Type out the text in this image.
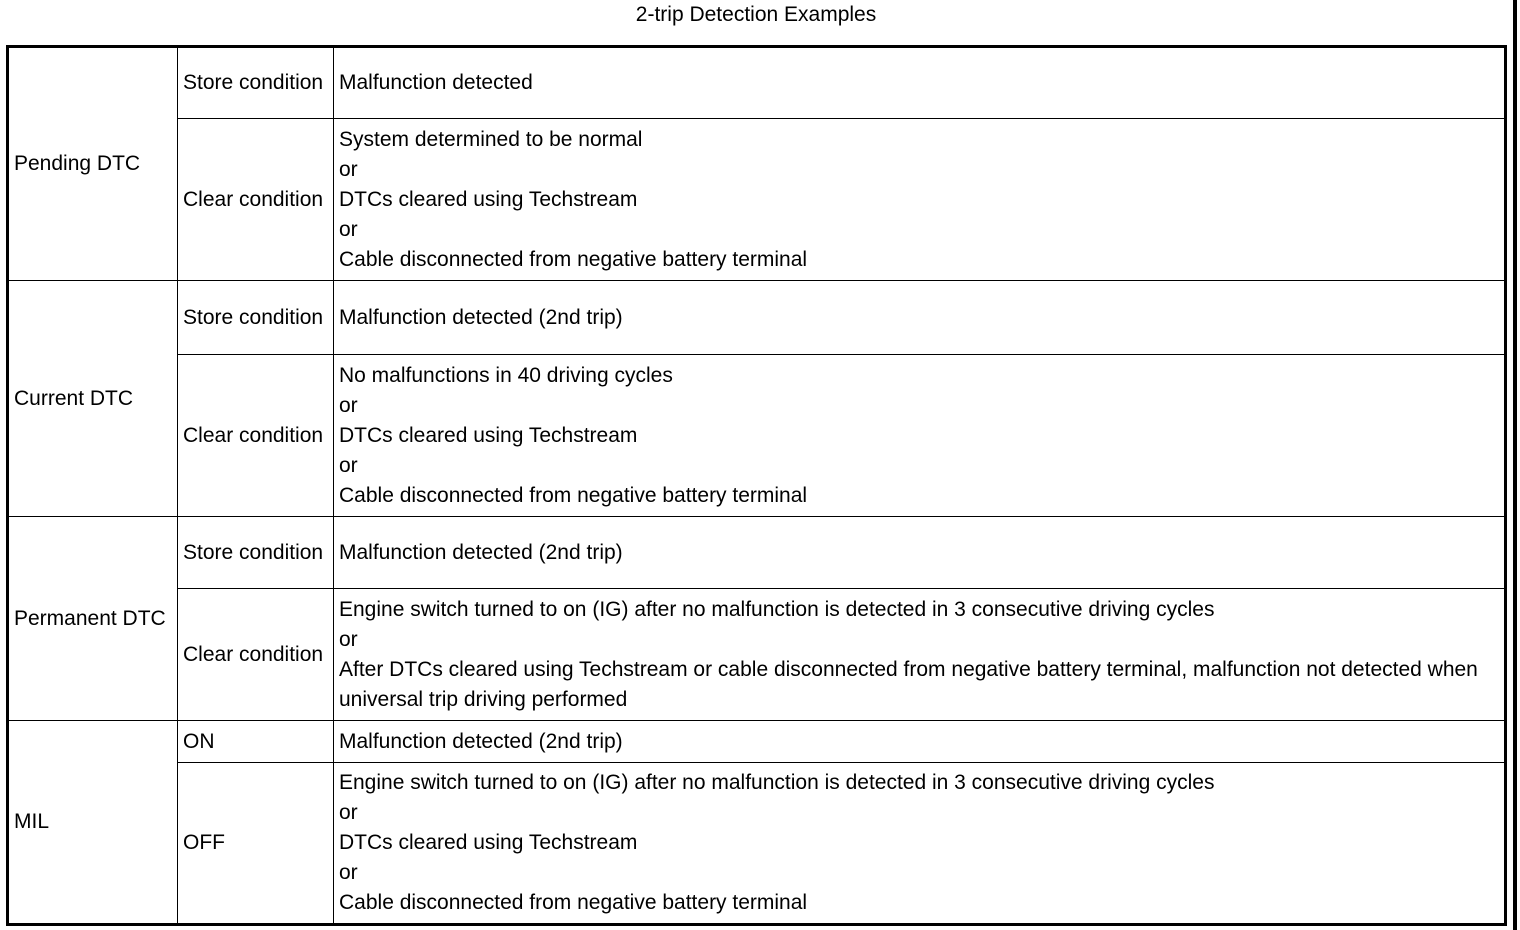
2-trip Detection Examples
Pending DTC	Store condition	Malfunction detected

	Clear condition	System determined to be normal
or
DTCs cleared using Techstream
or
Cable disconnected from negative battery terminal

Current DTC	Store condition	Malfunction detected (2nd trip)

	Clear condition	No malfunctions in 40 driving cycles
or
DTCs cleared using Techstream
or
Cable disconnected from negative battery terminal

Permanent DTC	Store condition	Malfunction detected (2nd trip)

	Clear condition	Engine switch turned to on (IG) after no malfunction is detected in 3 consecutive driving cycles
or
After DTCs cleared using Techstream or cable disconnected from negative battery terminal, malfunction not detected when universal trip driving performed

MIL	ON	Malfunction detected (2nd trip)

	OFF	Engine switch turned to on (IG) after no malfunction is detected in 3 consecutive driving cycles
or
DTCs cleared using Techstream
or
Cable disconnected from negative battery terminal
